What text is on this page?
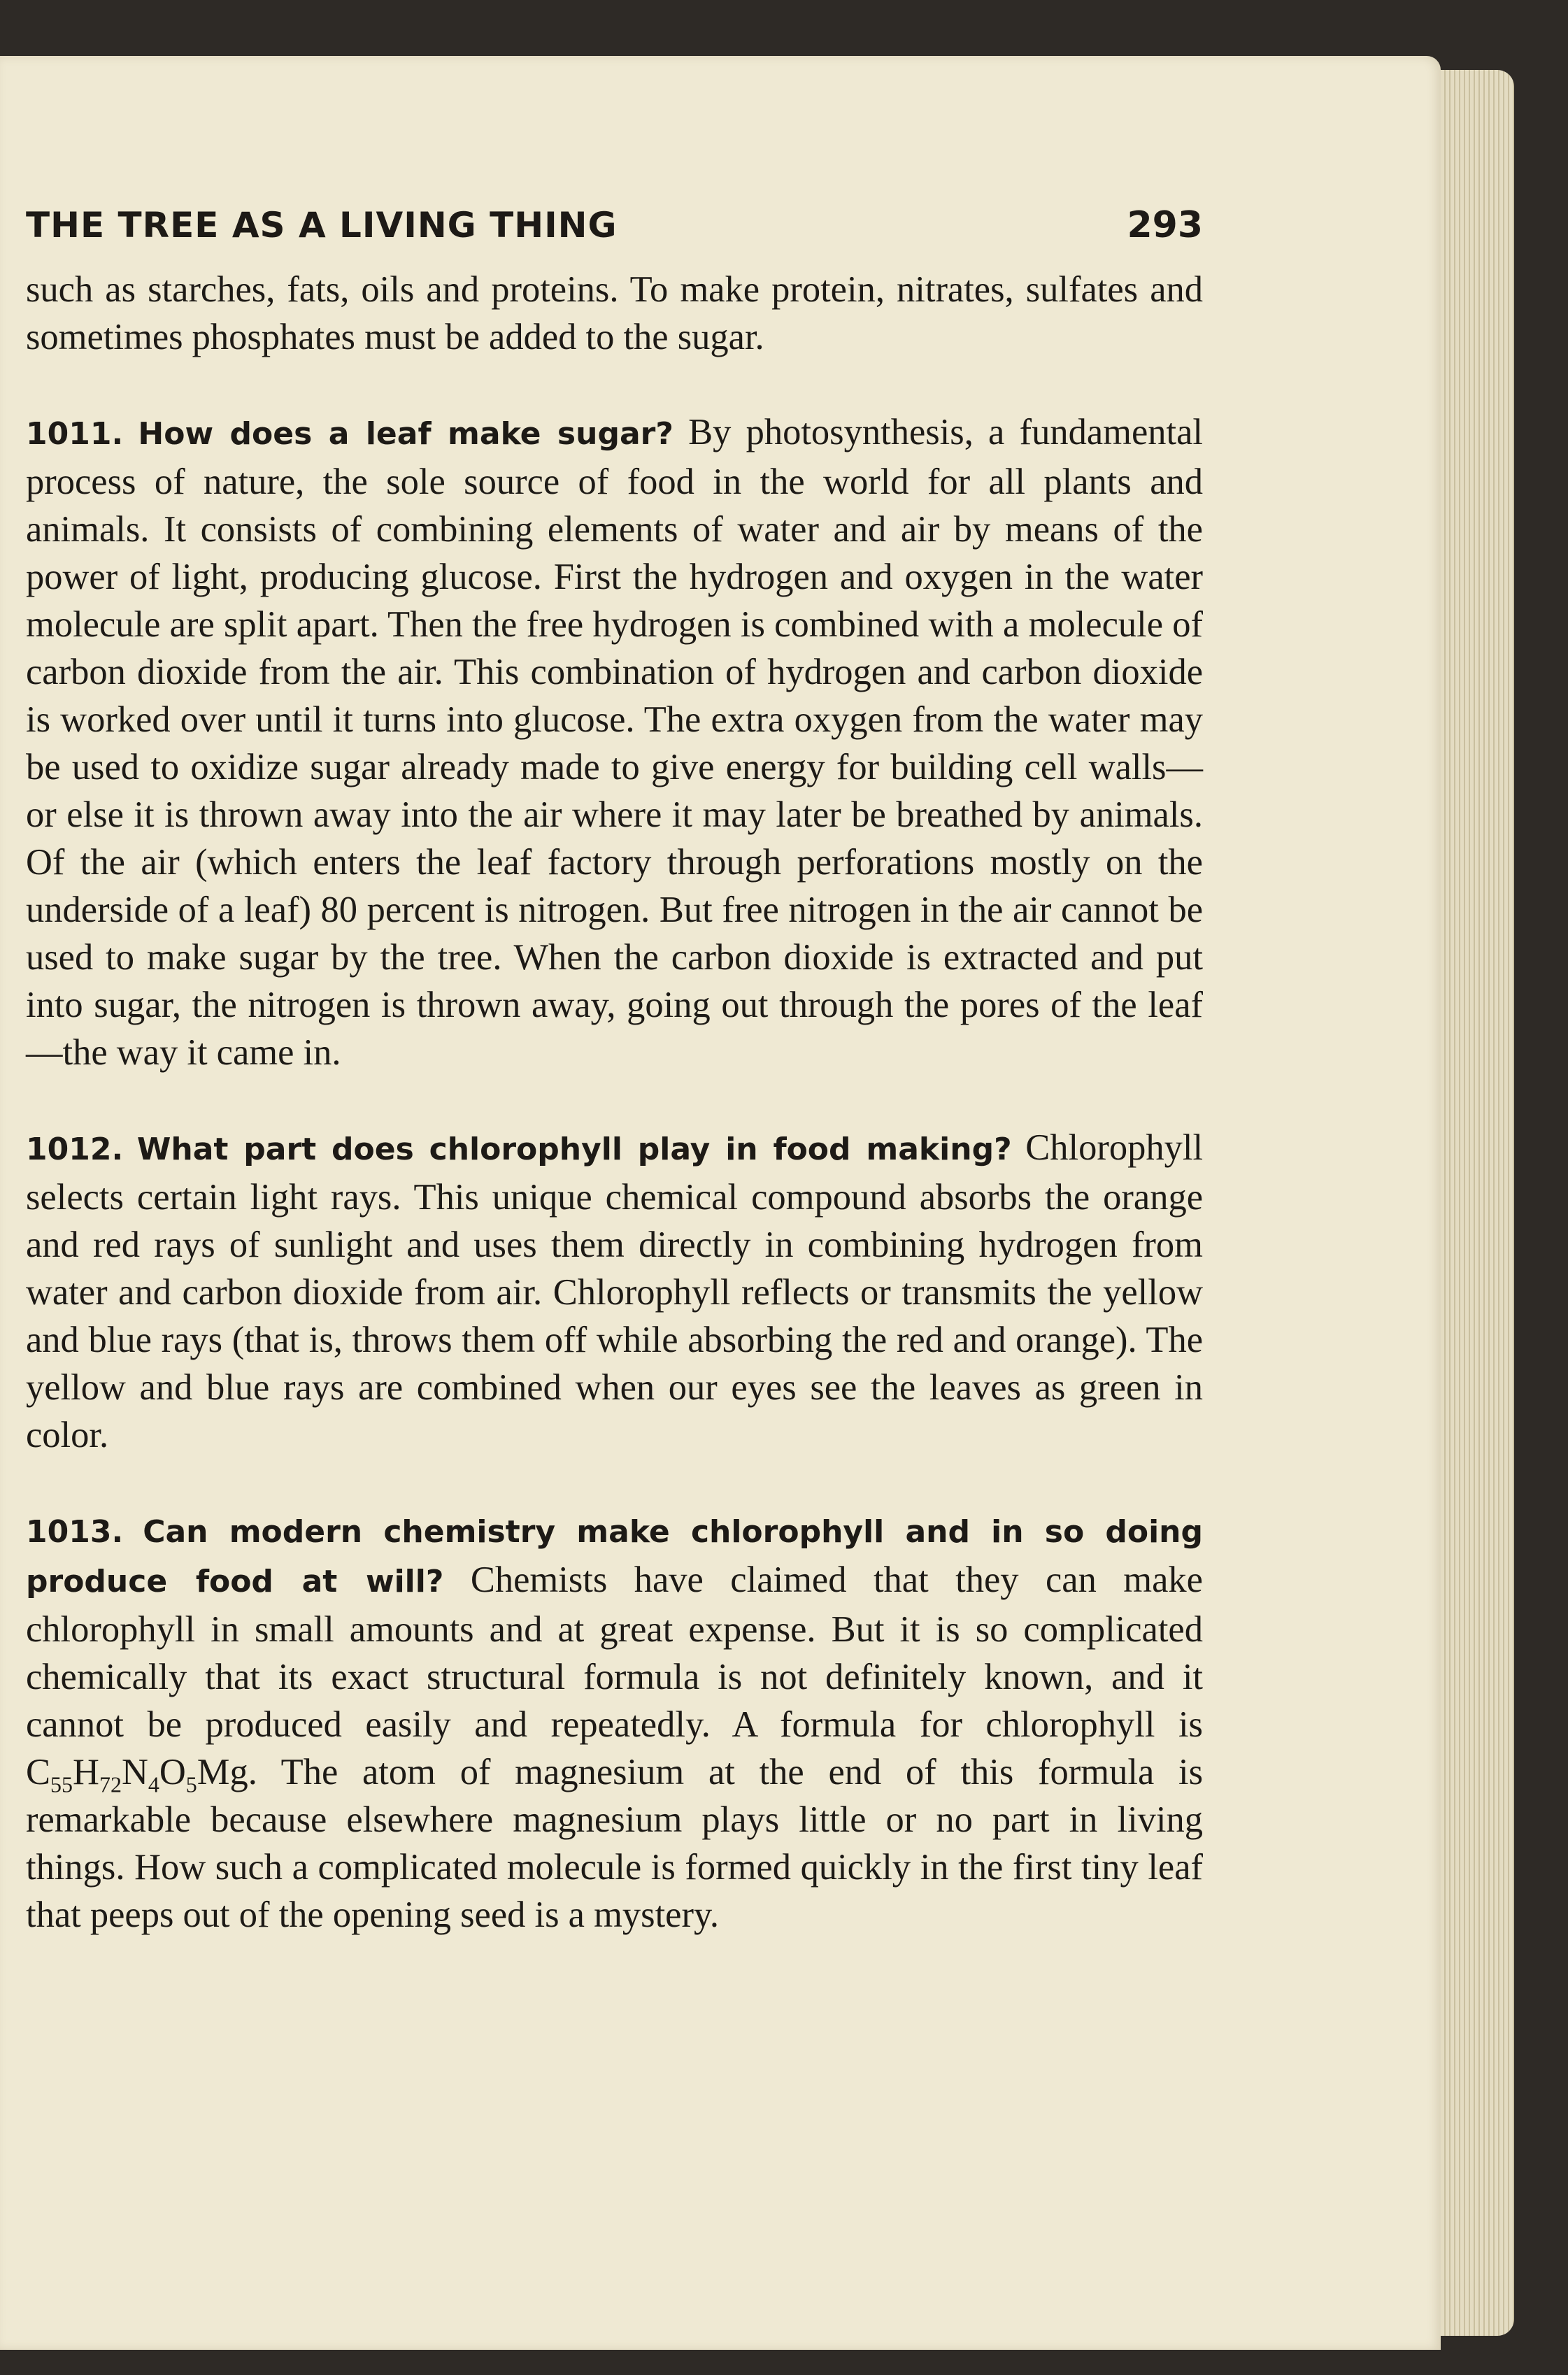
THE TREE AS A LIVING THING	293

such as starches, fats, oils and proteins. To make protein, nitrates, sulfates and sometimes phosphates must be added to the sugar.

1011. How does a leaf make sugar? By photosynthesis, a fundamental process of nature, the sole source of food in the world for all plants and animals. It consists of combining elements of water and air by means of the power of light, producing glucose. First the hydrogen and oxygen in the water molecule are split apart. Then the free hydrogen is combined with a molecule of carbon dioxide from the air. This combination of hydrogen and carbon dioxide is worked over until it turns into glucose. The extra oxygen from the water may be used to oxidize sugar already made to give energy for building cell walls—or else it is thrown away into the air where it may later be breathed by animals. Of the air (which enters the leaf factory through perforations mostly on the underside of a leaf) 80 percent is nitrogen. But free nitrogen in the air cannot be used to make sugar by the tree. When the carbon dioxide is extracted and put into sugar, the nitrogen is thrown away, going out through the pores of the leaf—the way it came in.

1012. What part does chlorophyll play in food making? Chlorophyll selects certain light rays. This unique chemical compound absorbs the orange and red rays of sunlight and uses them directly in combining hydrogen from water and carbon dioxide from air. Chlorophyll reflects or transmits the yellow and blue rays (that is, throws them off while absorbing the red and orange). The yellow and blue rays are combined when our eyes see the leaves as green in color.

1013. Can modern chemistry make chlorophyll and in so doing produce food at will? Chemists have claimed that they can make chlorophyll in small amounts and at great expense. But it is so complicated chemically that its exact structural formula is not definitely known, and it cannot be produced easily and repeatedly. A formula for chlorophyll is $C_{55}H_{72}N_4O_5Mg$. The atom of magnesium at the end of this formula is remarkable because elsewhere magnesium plays little or no part in living things. How such a complicated molecule is formed quickly in the first tiny leaf that peeps out of the opening seed is a mystery.
